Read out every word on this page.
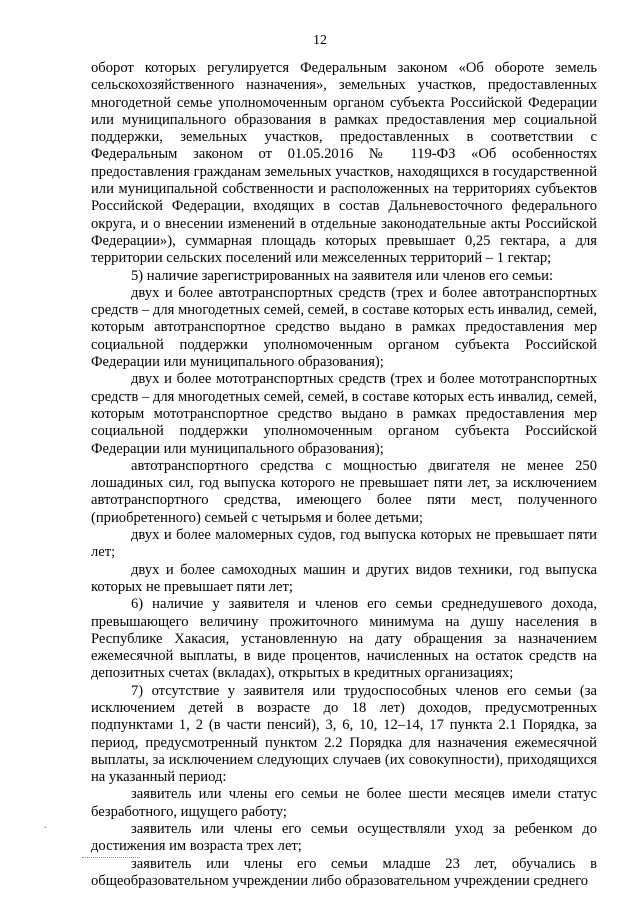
12

оборот которых регулируется Федеральным законом «Об обороте земель сельскохозяйственного назначения», земельных участков, предоставленных многодетной семье уполномоченным органом субъекта Российской Федерации или муниципального образования в рамках предоставления мер социальной поддержки, земельных участков, предоставленных в соответствии с Федеральным законом от 01.05.2016 № 119-ФЗ «Об особенностях предоставления гражданам земельных участков, находящихся в государственной или муниципальной собственности и расположенных на территориях субъектов Российской Федерации, входящих в состав Дальневосточного федерального округа, и о внесении изменений в отдельные законодательные акты Российской Федерации»), суммарная площадь которых превышает 0,25 гектара, а для территории сельских поселений или межселенных территорий – 1 гектар;

5) наличие зарегистрированных на заявителя или членов его семьи:

двух и более автотранспортных средств (трех и более автотранспортных средств – для многодетных семей, семей, в составе которых есть инвалид, семей, которым автотранспортное средство выдано в рамках предоставления мер социальной поддержки уполномоченным органом субъекта Российской Федерации или муниципального образования);

двух и более мототранспортных средств (трех и более мототранспортных средств – для многодетных семей, семей, в составе которых есть инвалид, семей, которым мототранспортное средство выдано в рамках предоставления мер социальной поддержки уполномоченным органом субъекта Российской Федерации или муниципального образования);

автотранспортного средства с мощностью двигателя не менее 250 лошадиных сил, год выпуска которого не превышает пяти лет, за исключением автотранспортного средства, имеющего более пяти мест, полученного (приобретенного) семьей с четырьмя и более детьми;

двух и более маломерных судов, год выпуска которых не превышает пяти лет;

двух и более самоходных машин и других видов техники, год выпуска которых не превышает пяти лет;

6) наличие у заявителя и членов его семьи среднедушевого дохода, превышающего величину прожиточного минимума на душу населения в Республике Хакасия, установленную на дату обращения за назначением ежемесячной выплаты, в виде процентов, начисленных на остаток средств на депозитных счетах (вкладах), открытых в кредитных организациях;

7) отсутствие у заявителя или трудоспособных членов его семьи (за исключением детей в возрасте до 18 лет) доходов, предусмотренных подпунктами 1, 2 (в части пенсий), 3, 6, 10, 12–14, 17 пункта 2.1 Порядка, за период, предусмотренный пунктом 2.2 Порядка для назначения ежемесячной выплаты, за исключением следующих случаев (их совокупности), приходящихся на указанный период:

заявитель или члены его семьи не более шести месяцев имели статус безработного, ищущего работу;

заявитель или члены его семьи осуществляли уход за ребенком до достижения им возраста трех лет;

заявитель или члены его семьи младше 23 лет, обучались в общеобразовательном учреждении либо образовательном учреждении среднего

.
